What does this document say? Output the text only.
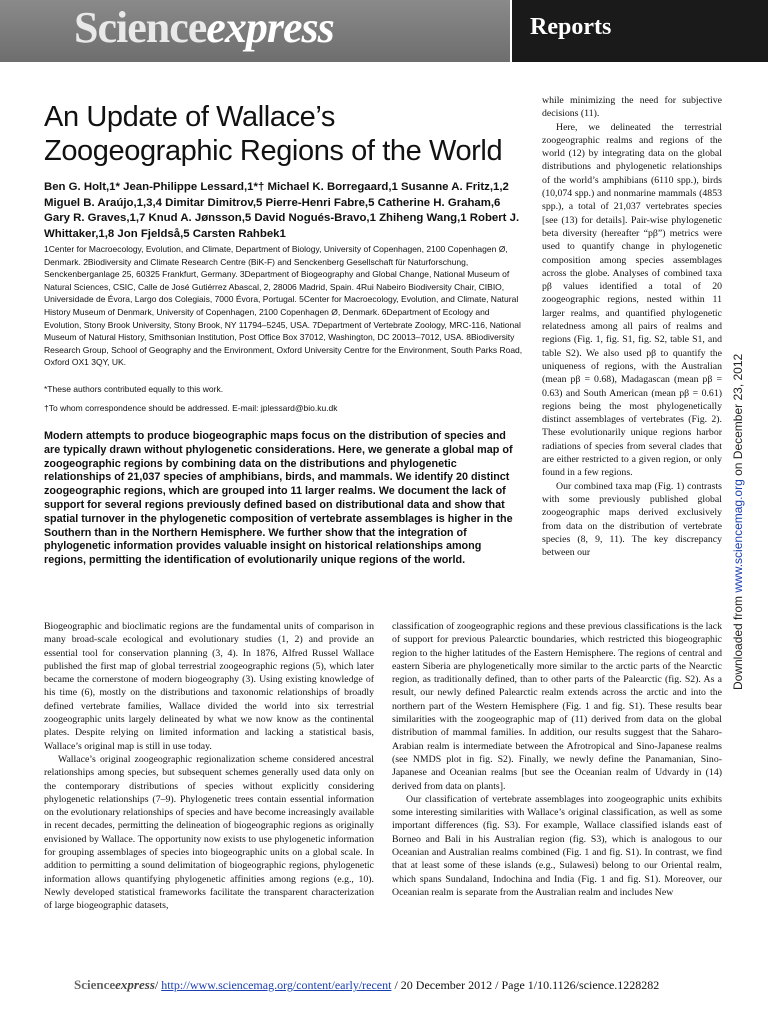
Scienceexpress	Reports
An Update of Wallace’s Zoogeographic Regions of the World

Ben G. Holt,1* Jean-Philippe Lessard,1*† Michael K. Borregaard,1 Susanne A. Fritz,1,2 Miguel B. Araújo,1,3,4 Dimitar Dimitrov,5 Pierre-Henri Fabre,5 Catherine H. Graham,6 Gary R. Graves,1,7 Knud A. Jønsson,5 David Nogués-Bravo,1 Zhiheng Wang,1 Robert J. Whittaker,1,8 Jon Fjeldså,5 Carsten Rahbek1

1Center for Macroecology, Evolution, and Climate, Department of Biology, University of Copenhagen, 2100 Copenhagen Ø, Denmark. 2Biodiversity and Climate Research Centre (BiK-F) and Senckenberg Gesellschaft für Naturforschung, Senckenberganlage 25, 60325 Frankfurt, Germany. 3Department of Biogeography and Global Change, National Museum of Natural Sciences, CSIC, Calle de José Gutiérrez Abascal, 2, 28006 Madrid, Spain. 4Rui Nabeiro Biodiversity Chair, CIBIO, Universidade de Évora, Largo dos Colegiais, 7000 Évora, Portugal. 5Center for Macroecology, Evolution, and Climate, Natural History Museum of Denmark, University of Copenhagen, 2100 Copenhagen Ø, Denmark. 6Department of Ecology and Evolution, Stony Brook University, Stony Brook, NY 11794–5245, USA. 7Department of Vertebrate Zoology, MRC-116, National Museum of Natural History, Smithsonian Institution, Post Office Box 37012, Washington, DC 20013–7012, USA. 8Biodiversity Research Group, School of Geography and the Environment, Oxford University Centre for the Environment, South Parks Road, Oxford OX1 3QY, UK.

*These authors contributed equally to this work.

†To whom correspondence should be addressed. E-mail: jplessard@bio.ku.dk

Modern attempts to produce biogeographic maps focus on the distribution of species and are typically drawn without phylogenetic considerations. Here, we generate a global map of zoogeographic regions by combining data on the distributions and phylogenetic relationships of 21,037 species of amphibians, birds, and mammals. We identify 20 distinct zoogeographic regions, which are grouped into 11 larger realms. We document the lack of support for several regions previously defined based on distributional data and show that spatial turnover in the phylogenetic composition of vertebrate assemblages is higher in the Southern than in the Northern Hemisphere. We further show that the integration of phylogenetic information provides valuable insight on historical relationships among regions, permitting the identification of evolutionarily unique regions of the world.

while minimizing the need for subjective decisions (11).

Here, we delineated the terrestrial zoogeographic realms and regions of the world (12) by integrating data on the global distributions and phylogenetic relationships of the world’s amphibians (6110 spp.), birds (10,074 spp.) and nonmarine mammals (4853 spp.), a total of 21,037 vertebrates species [see (13) for details]. Pair-wise phylogenetic beta diversity (hereafter “pβ”) metrics were used to quantify change in phylogenetic composition among species assemblages across the globe. Analyses of combined taxa pβ values identified a total of 20 zoogeographic regions, nested within 11 larger realms, and quantified phylogenetic relatedness among all pairs of realms and regions (Fig. 1, fig. S1, fig. S2, table S1, and table S2). We also used pβ to quantify the uniqueness of regions, with the Australian (mean pβ = 0.68), Madagascan (mean pβ = 0.63) and South American (mean pβ = 0.61) regions being the most phylogenetically distinct assemblages of vertebrates (Fig. 2). These evolutionarily unique regions harbor radiations of species from several clades that are either restricted to a given region, or only found in a few regions.

Our combined taxa map (Fig. 1) contrasts with some previously published global zoogeographic maps derived exclusively from data on the distribution of vertebrate species (8, 9, 11). The key discrepancy between our

Biogeographic and bioclimatic regions are the fundamental units of comparison in many broad-scale ecological and evolutionary studies (1, 2) and provide an essential tool for conservation planning (3, 4). In 1876, Alfred Russel Wallace published the first map of global terrestrial zoogeographic regions (5), which later became the cornerstone of modern biogeography (3). Using existing knowledge of his time (6), mostly on the distributions and taxonomic relationships of broadly defined vertebrate families, Wallace divided the world into six terrestrial zoogeographic units largely delineated by what we now know as the continental plates. Despite relying on limited information and lacking a statistical basis, Wallace’s original map is still in use today.

Wallace’s original zoogeographic regionalization scheme considered ancestral relationships among species, but subsequent schemes generally used data only on the contemporary distributions of species without explicitly considering phylogenetic relationships (7–9). Phylogenetic trees contain essential information on the evolutionary relationships of species and have become increasingly available in recent decades, permitting the delineation of biogeographic regions as originally envisioned by Wallace. The opportunity now exists to use phylogenetic information for grouping assemblages of species into biogeographic units on a global scale. In addition to permitting a sound delimitation of biogeographic regions, phylogenetic information allows quantifying phylogenetic affinities among regions (e.g., 10). Newly developed statistical frameworks facilitate the transparent characterization of large biogeographic datasets,

classification of zoogeographic regions and these previous classifications is the lack of support for previous Palearctic boundaries, which restricted this biogeographic region to the higher latitudes of the Eastern Hemisphere. The regions of central and eastern Siberia are phylogenetically more similar to the arctic parts of the Nearctic region, as traditionally defined, than to other parts of the Palearctic (fig. S2). As a result, our newly defined Palearctic realm extends across the arctic and into the northern part of the Western Hemisphere (Fig. 1 and fig. S1). These results bear similarities with the zoogeographic map of (11) derived from data on the global distribution of mammal families. In addition, our results suggest that the Saharo-Arabian realm is intermediate between the Afrotropical and Sino-Japanese realms (see NMDS plot in fig. S2). Finally, we newly define the Panamanian, Sino-Japanese and Oceanian realms [but see the Oceanian realm of Udvardy in (14) derived from data on plants].

Our classification of vertebrate assemblages into zoogeographic units exhibits some interesting similarities with Wallace’s original classification, as well as some important differences (fig. S3). For example, Wallace classified islands east of Borneo and Bali in his Australian region (fig. S3), which is analogous to our Oceanian and Australian realms combined (Fig. 1 and fig. S1). In contrast, we find that at least some of these islands (e.g., Sulawesi) belong to our Oriental realm, which spans Sundaland, Indochina and India (Fig. 1 and fig. S1). Moreover, our Oceanian realm is separate from the Australian realm and includes New

Downloaded from www.sciencemag.org on December 23, 2012
Scienceexpress/ http://www.sciencemag.org/content/early/recent / 20 December 2012 / Page 1/10.1126/science.1228282
